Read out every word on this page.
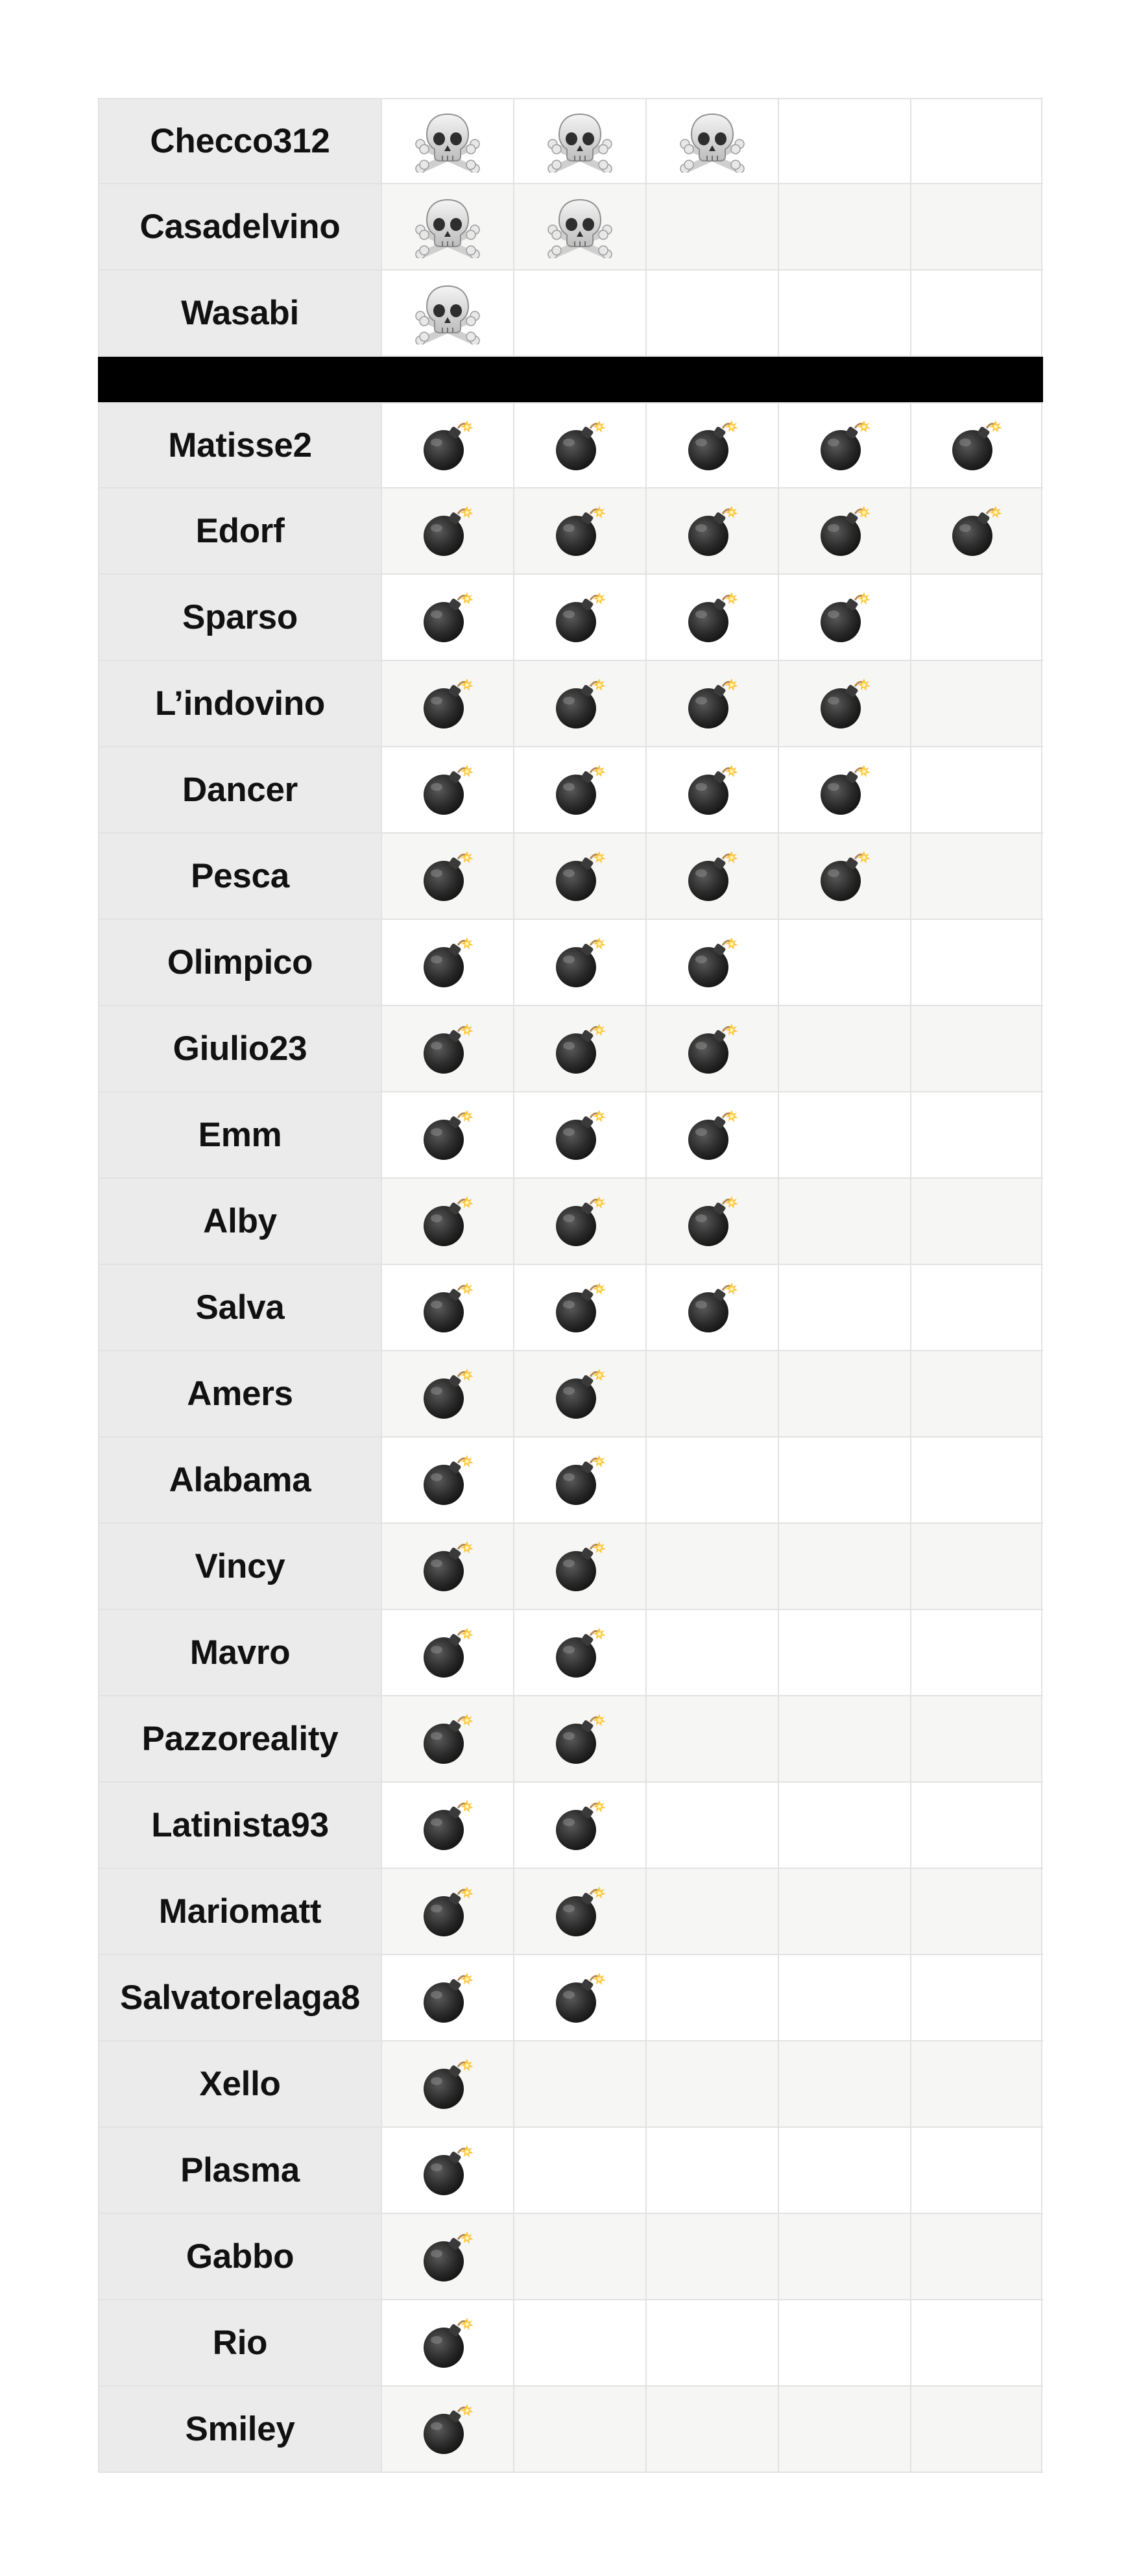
Checco312
Casadelvino
Wasabi
Matisse2
Edorf
Sparso
L’indovino
Dancer
Pesca
Olimpico
Giulio23
Emm
Alby
Salva
Amers
Alabama
Vincy
Mavro
Pazzoreality
Latinista93
Mariomatt
Salvatorelaga8
Xello
Plasma
Gabbo
Rio
Smiley
